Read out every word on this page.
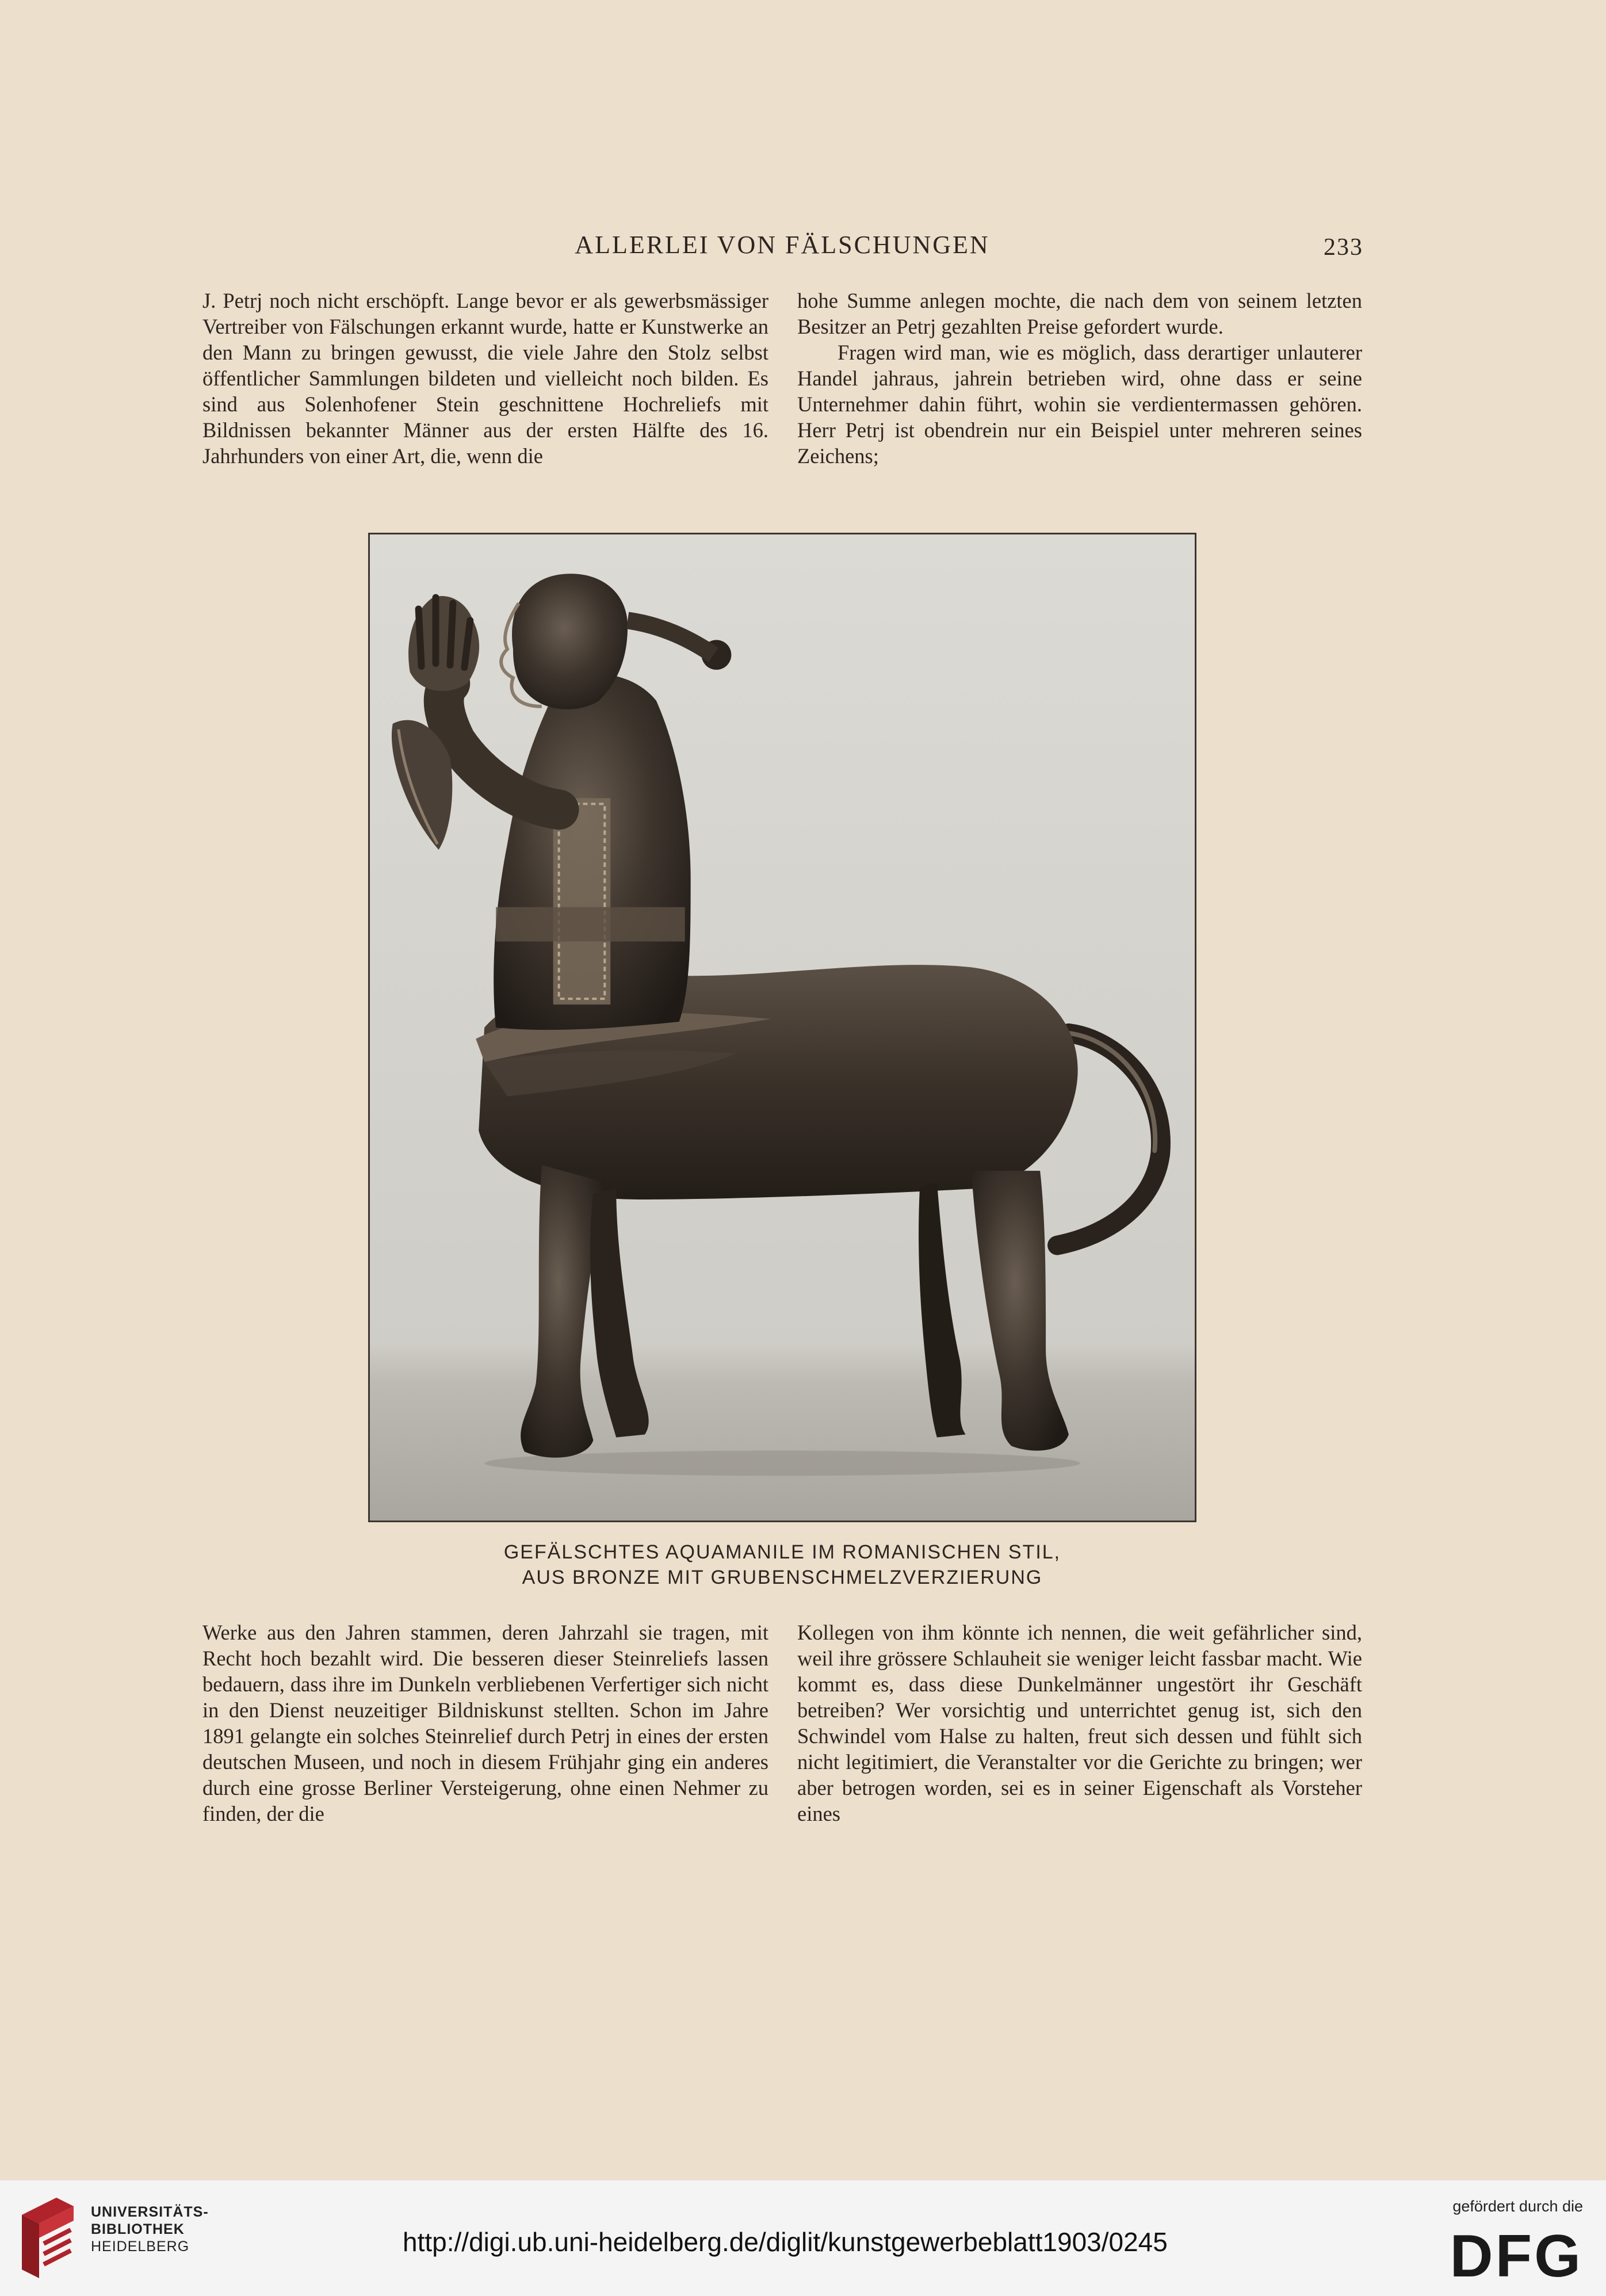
ALLERLEI VON FÄLSCHUNGEN	233

J. Petrj noch nicht erschöpft. Lange bevor er als gewerbsmässiger Vertreiber von Fälschungen erkannt wurde, hatte er Kunstwerke an den Mann zu bringen gewusst, die viele Jahre den Stolz selbst öffentlicher Sammlungen bildeten und vielleicht noch bilden. Es sind aus Solenhofener Stein geschnittene Hochreliefs mit Bildnissen bekannter Männer aus der ersten Hälfte des 16. Jahrhunders von einer Art, die, wenn die

hohe Summe anlegen mochte, die nach dem von seinem letzten Besitzer an Petrj gezahlten Preise gefordert wurde.

Fragen wird man, wie es möglich, dass derartiger unlauterer Handel jahraus, jahrein betrieben wird, ohne dass er seine Unternehmer dahin führt, wohin sie verdientermassen gehören. Herr Petrj ist obendrein nur ein Beispiel unter mehreren seines Zeichens;

GEFÄLSCHTES AQUAMANILE IM ROMANISCHEN STIL,
AUS BRONZE MIT GRUBENSCHMELZVERZIERUNG

Werke aus den Jahren stammen, deren Jahrzahl sie tragen, mit Recht hoch bezahlt wird. Die besseren dieser Steinreliefs lassen bedauern, dass ihre im Dunkeln verbliebenen Verfertiger sich nicht in den Dienst neuzeitiger Bildniskunst stellten. Schon im Jahre 1891 gelangte ein solches Steinrelief durch Petrj in eines der ersten deutschen Museen, und noch in diesem Frühjahr ging ein anderes durch eine grosse Berliner Versteigerung, ohne einen Nehmer zu finden, der die

Kollegen von ihm könnte ich nennen, die weit gefährlicher sind, weil ihre grössere Schlauheit sie weniger leicht fassbar macht. Wie kommt es, dass diese Dunkelmänner ungestört ihr Geschäft betreiben? Wer vorsichtig und unterrichtet genug ist, sich den Schwindel vom Halse zu halten, freut sich dessen und fühlt sich nicht legitimiert, die Veranstalter vor die Gerichte zu bringen; wer aber betrogen worden, sei es in seiner Eigenschaft als Vorsteher eines

UNIVERSITÄTS-
BIBLIOTHEK
HEIDELBERG	http://digi.ub.uni-heidelberg.de/diglit/kunstgewerbeblatt1903/0245
gefördert durch die
DFG
